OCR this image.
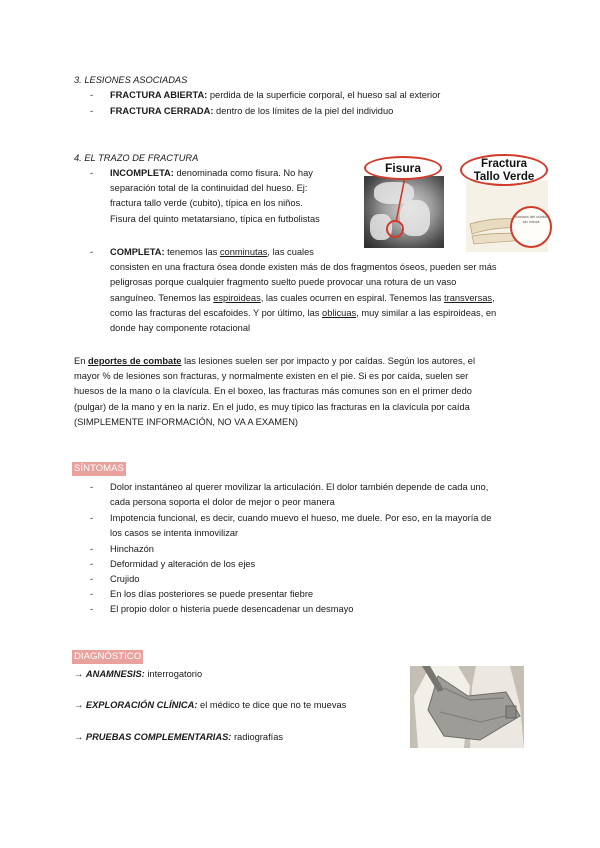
3. LESIONES ASOCIADAS
- FRACTURA ABIERTA: perdida de la superficie corporal, el hueso sal al exterior
- FRACTURA CERRADA: dentro de los límites de la piel del individuo
4. EL TRAZO DE FRACTURA
- INCOMPLETA: denominada como fisura. No hay
separación total de la continuidad del hueso. Ej:
fractura tallo verde (cubito), típica en los niños.
Fisura del quinto metatarsiano, típica en futbolistas
- COMPLETA: tenemos las conminutas, las cuales
consisten en una fractura ósea donde existen más de dos fragmentos óseos, pueden ser más
peligrosas porque cualquier fragmento suelto puede provocar una rotura de un vaso
sanguíneo. Tenemos las espiroideas, las cuales ocurren en espiral. Tenemos las transversas,
como las fracturas del escafoides. Y por último, las oblicuas, muy similar a las espiroideas, en
donde hay componente rotacional
Fisura
fractura del cúbito sin rotura
Fractura
Tallo Verde
En deportes de combate las lesiones suelen ser por impacto y por caídas. Según los autores, el
mayor % de lesiones son fracturas, y normalmente existen en el pie. Si es por caída, suelen ser
huesos de la mano o la clavícula. En el boxeo, las fracturas más comunes son en el primer dedo
(pulgar) de la mano y en la nariz. En el judo, es muy típico las fracturas en la clavícula por caída
(SIMPLEMENTE INFORMACIÓN, NO VA A EXAMEN)
SÍNTOMAS
- Dolor instantáneo al querer movilizar la articulación. El dolor también depende de cada uno,
cada persona soporta el dolor de mejor o peor manera
- Impotencia funcional, es decir, cuando muevo el hueso, me duele. Por eso, en la mayoría de
los casos se intenta inmovilizar
- Hinchazón
- Deformidad y alteración de los ejes
- Crujido
- En los días posteriores se puede presentar fiebre
- El propio dolor o histeria puede desencadenar un desmayo
DIAGNÓSTICO
→ ANAMNESIS: interrogatorio
→ EXPLORACIÓN CLÍNICA: el médico te dice que no te muevas
→ PRUEBAS COMPLEMENTARIAS: radiografías
